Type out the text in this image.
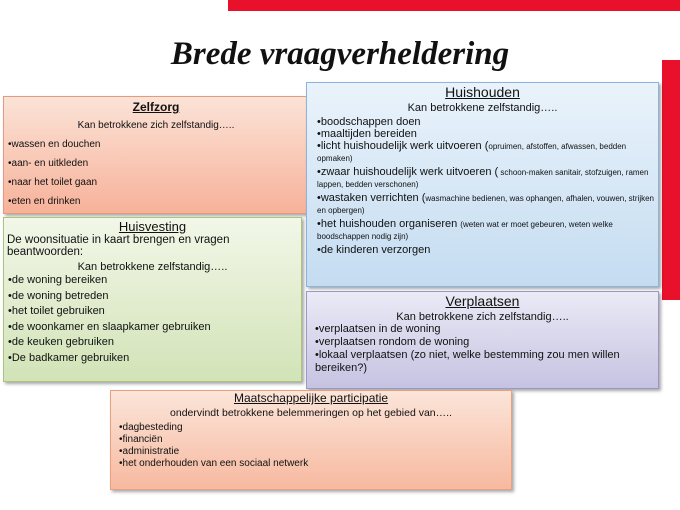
Brede vraagverheldering
Zelfzorg
Kan betrokkene zich zelfstandig…..
•wassen en douchen
•aan- en uitkleden
•naar het toilet gaan
•eten en drinken
Huishouden
Kan betrokkene zelfstandig…..
•boodschappen doen
•maaltijden bereiden
•licht huishoudelijk werk uitvoeren (opruimen, afstoffen, afwassen, bedden opmaken)
•zwaar huishoudelijk werk uitvoeren ( schoon-maken sanitair, stofzuigen, ramen lappen, bedden verschonen)
•wastaken verrichten (wasmachine bedienen, was ophangen, afhalen, vouwen, strijken en opbergen)
•het huishouden organiseren (weten wat er moet gebeuren, weten welke boodschappen nodig zijn)
•de kinderen verzorgen
Huisvesting
De woonsituatie in kaart brengen en vragen beantwoorden:
Kan betrokkene zelfstandig…..
•de woning bereiken
•de woning betreden
•het toilet gebruiken
•de woonkamer en slaapkamer gebruiken
•de keuken gebruiken
•De badkamer gebruiken
Verplaatsen
Kan betrokkene zich zelfstandig…..
•verplaatsen in de woning
•verplaatsen rondom de woning
•lokaal verplaatsen (zo niet, welke bestemming zou men willen bereiken?)
Maatschappelijke participatie
ondervindt betrokkene belemmeringen op het gebied van…..
•dagbesteding
•financiën
•administratie
•het onderhouden van een sociaal netwerk
